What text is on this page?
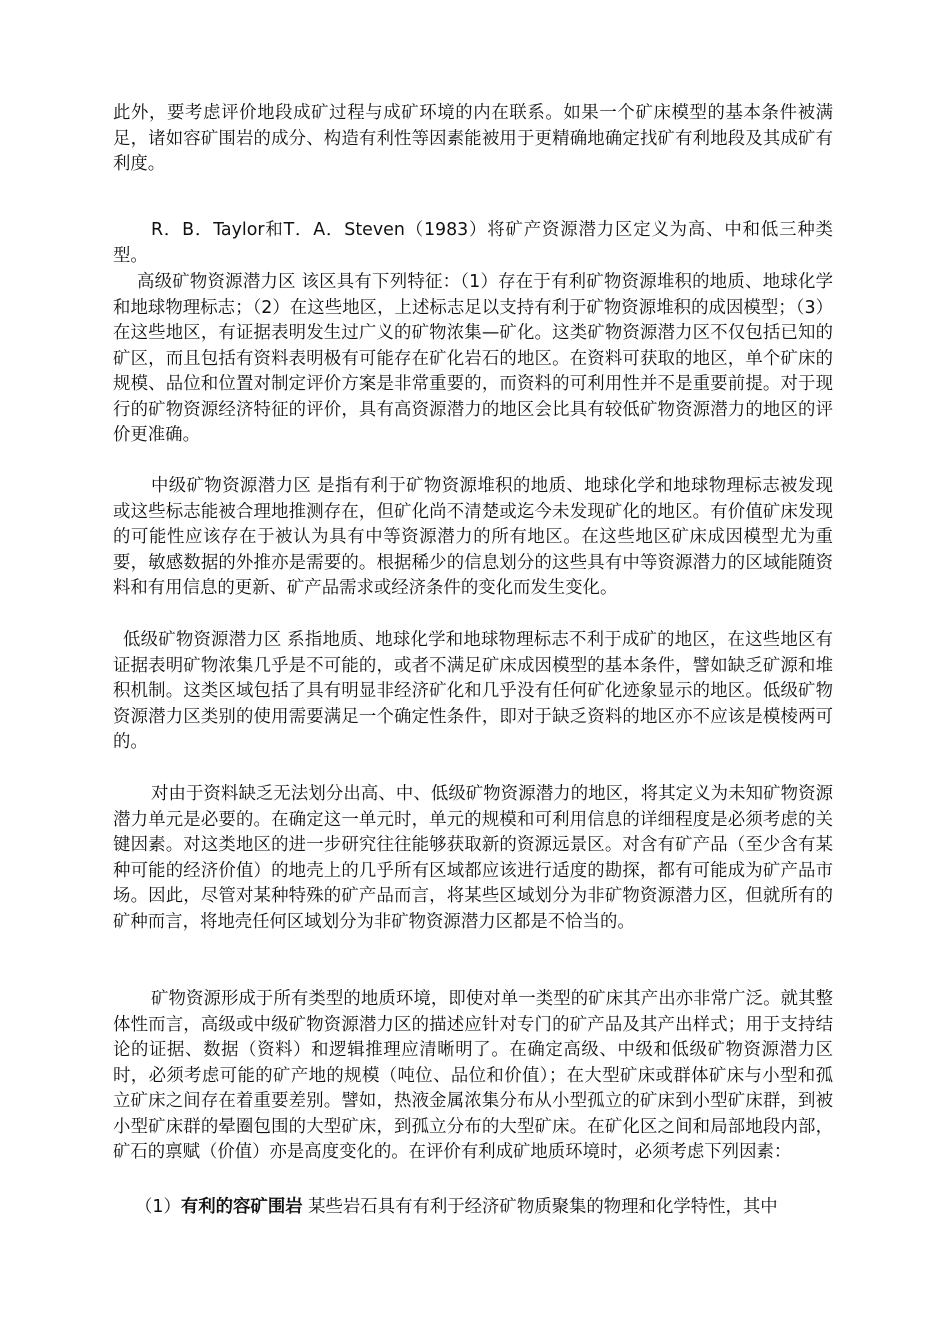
此外，要考虑评价地段成矿过程与成矿环境的内在联系。如果一个矿床模型的基本条件被满足，诸如容矿围岩的成分、构造有利性等因素能被用于更精确地确定找矿有利地段及其成矿有利度。

R．B．Taylor和T．A．Steven（1983）将矿产资源潜力区定义为高、中和低三种类型。

高级矿物资源潜力区 该区具有下列特征：（1）存在于有利矿物资源堆积的地质、地球化学和地球物理标志；（2）在这些地区，上述标志足以支持有利于矿物资源堆积的成因模型；（3）在这些地区，有证据表明发生过广义的矿物浓集—矿化。这类矿物资源潜力区不仅包括已知的矿区，而且包括有资料表明极有可能存在矿化岩石的地区。在资料可获取的地区，单个矿床的规模、品位和位置对制定评价方案是非常重要的，而资料的可利用性并不是重要前提。对于现行的矿物资源经济特征的评价，具有高资源潜力的地区会比具有较低矿物资源潜力的地区的评价更准确。

中级矿物资源潜力区 是指有利于矿物资源堆积的地质、地球化学和地球物理标志被发现或这些标志能被合理地推测存在，但矿化尚不清楚或迄今未发现矿化的地区。有价值矿床发现的可能性应该存在于被认为具有中等资源潜力的所有地区。在这些地区矿床成因模型尤为重要，敏感数据的外推亦是需要的。根据稀少的信息划分的这些具有中等资源潜力的区域能随资料和有用信息的更新、矿产品需求或经济条件的变化而发生变化。

低级矿物资源潜力区 系指地质、地球化学和地球物理标志不利于成矿的地区，在这些地区有证据表明矿物浓集几乎是不可能的，或者不满足矿床成因模型的基本条件，譬如缺乏矿源和堆积机制。这类区域包括了具有明显非经济矿化和几乎没有任何矿化迹象显示的地区。低级矿物资源潜力区类别的使用需要满足一个确定性条件，即对于缺乏资料的地区亦不应该是模棱两可的。

对由于资料缺乏无法划分出高、中、低级矿物资源潜力的地区，将其定义为未知矿物资源潜力单元是必要的。在确定这一单元时，单元的规模和可利用信息的详细程度是必须考虑的关键因素。对这类地区的进一步研究往往能够获取新的资源远景区。对含有矿产品（至少含有某种可能的经济价值）的地壳上的几乎所有区域都应该进行适度的勘探，都有可能成为矿产品市场。因此，尽管对某种特殊的矿产品而言，将某些区域划分为非矿物资源潜力区，但就所有的矿种而言，将地壳任何区域划分为非矿物资源潜力区都是不恰当的。

矿物资源形成于所有类型的地质环境，即使对单一类型的矿床其产出亦非常广泛。就其整体性而言，高级或中级矿物资源潜力区的描述应针对专门的矿产品及其产出样式；用于支持结论的证据、数据（资料）和逻辑推理应清晰明了。在确定高级、中级和低级矿物资源潜力区时，必须考虑可能的矿产地的规模（吨位、品位和价值）；在大型矿床或群体矿床与小型和孤立矿床之间存在着重要差别。譬如，热液金属浓集分布从小型孤立的矿床到小型矿床群，到被小型矿床群的晕圈包围的大型矿床，到孤立分布的大型矿床。在矿化区之间和局部地段内部，矿石的禀赋（价值）亦是高度变化的。在评价有利成矿地质环境时，必须考虑下列因素：

（1）有利的容矿围岩 某些岩石具有有利于经济矿物质聚集的物理和化学特性，其中
